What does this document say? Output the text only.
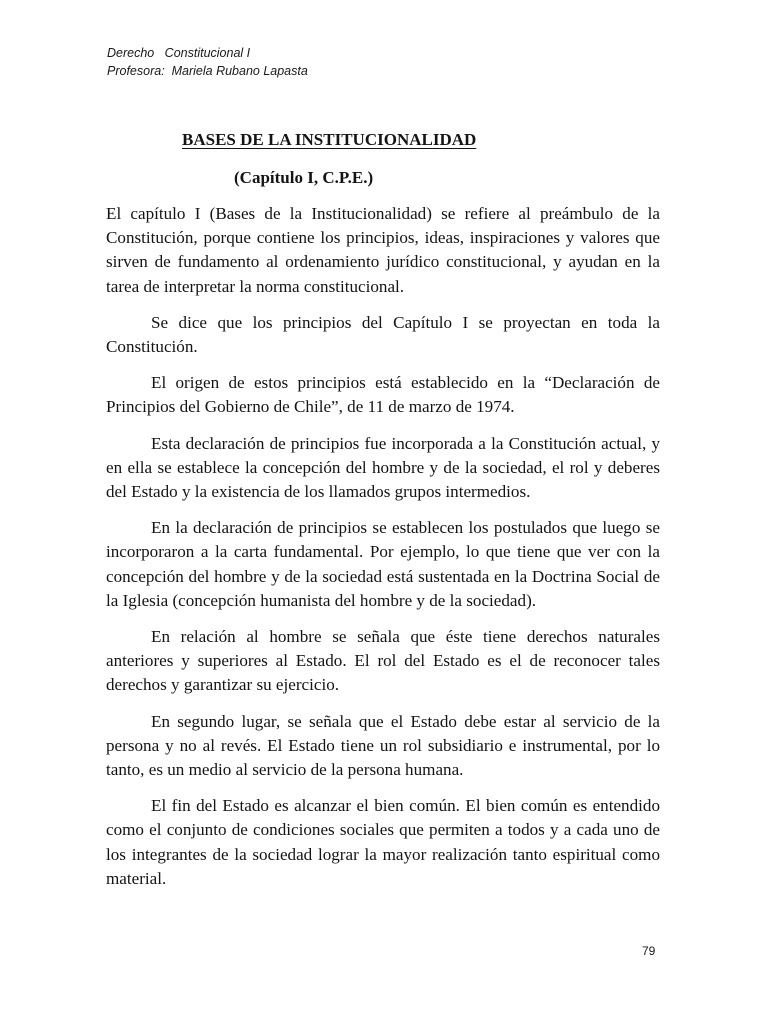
Derecho   Constitucional I
Profesora:  Mariela Rubano Lapasta
BASES DE LA INSTITUCIONALIDAD
(Capítulo I, C.P.E.)

El capítulo I (Bases de la Institucionalidad) se refiere al preámbulo de la Constitución, porque contiene los principios, ideas, inspiraciones y valores que sirven de fundamento al ordenamiento jurídico constitucional, y ayudan en la tarea de interpretar la norma constitucional.

Se dice que los principios del Capítulo I se proyectan en toda la Constitución.

El origen de estos principios está establecido en la “Declaración de Principios del Gobierno de Chile”, de 11 de marzo de 1974.

Esta declaración de principios fue incorporada a la Constitución actual, y en ella se establece la concepción del hombre y de la sociedad, el rol y deberes del Estado y la existencia de los llamados grupos intermedios.

En la declaración de principios se establecen los postulados que luego se incorporaron a la carta fundamental. Por ejemplo, lo que tiene que ver con la concepción del hombre y de la sociedad está sustentada en la Doctrina Social de la Iglesia (concepción humanista del hombre y de la sociedad).

En relación al hombre se señala que éste tiene derechos naturales anteriores y superiores al Estado. El rol del Estado es el de reconocer tales derechos y garantizar su ejercicio.

En segundo lugar, se señala que el Estado debe estar al servicio de la persona y no al revés. El Estado tiene un rol subsidiario e instrumental, por lo tanto, es un medio al servicio de la persona humana.

El fin del Estado es alcanzar el bien común. El bien común es entendido como el conjunto de condiciones sociales que permiten a todos y a cada uno de los integrantes de la sociedad lograr la mayor realización tanto espiritual como material.

79
